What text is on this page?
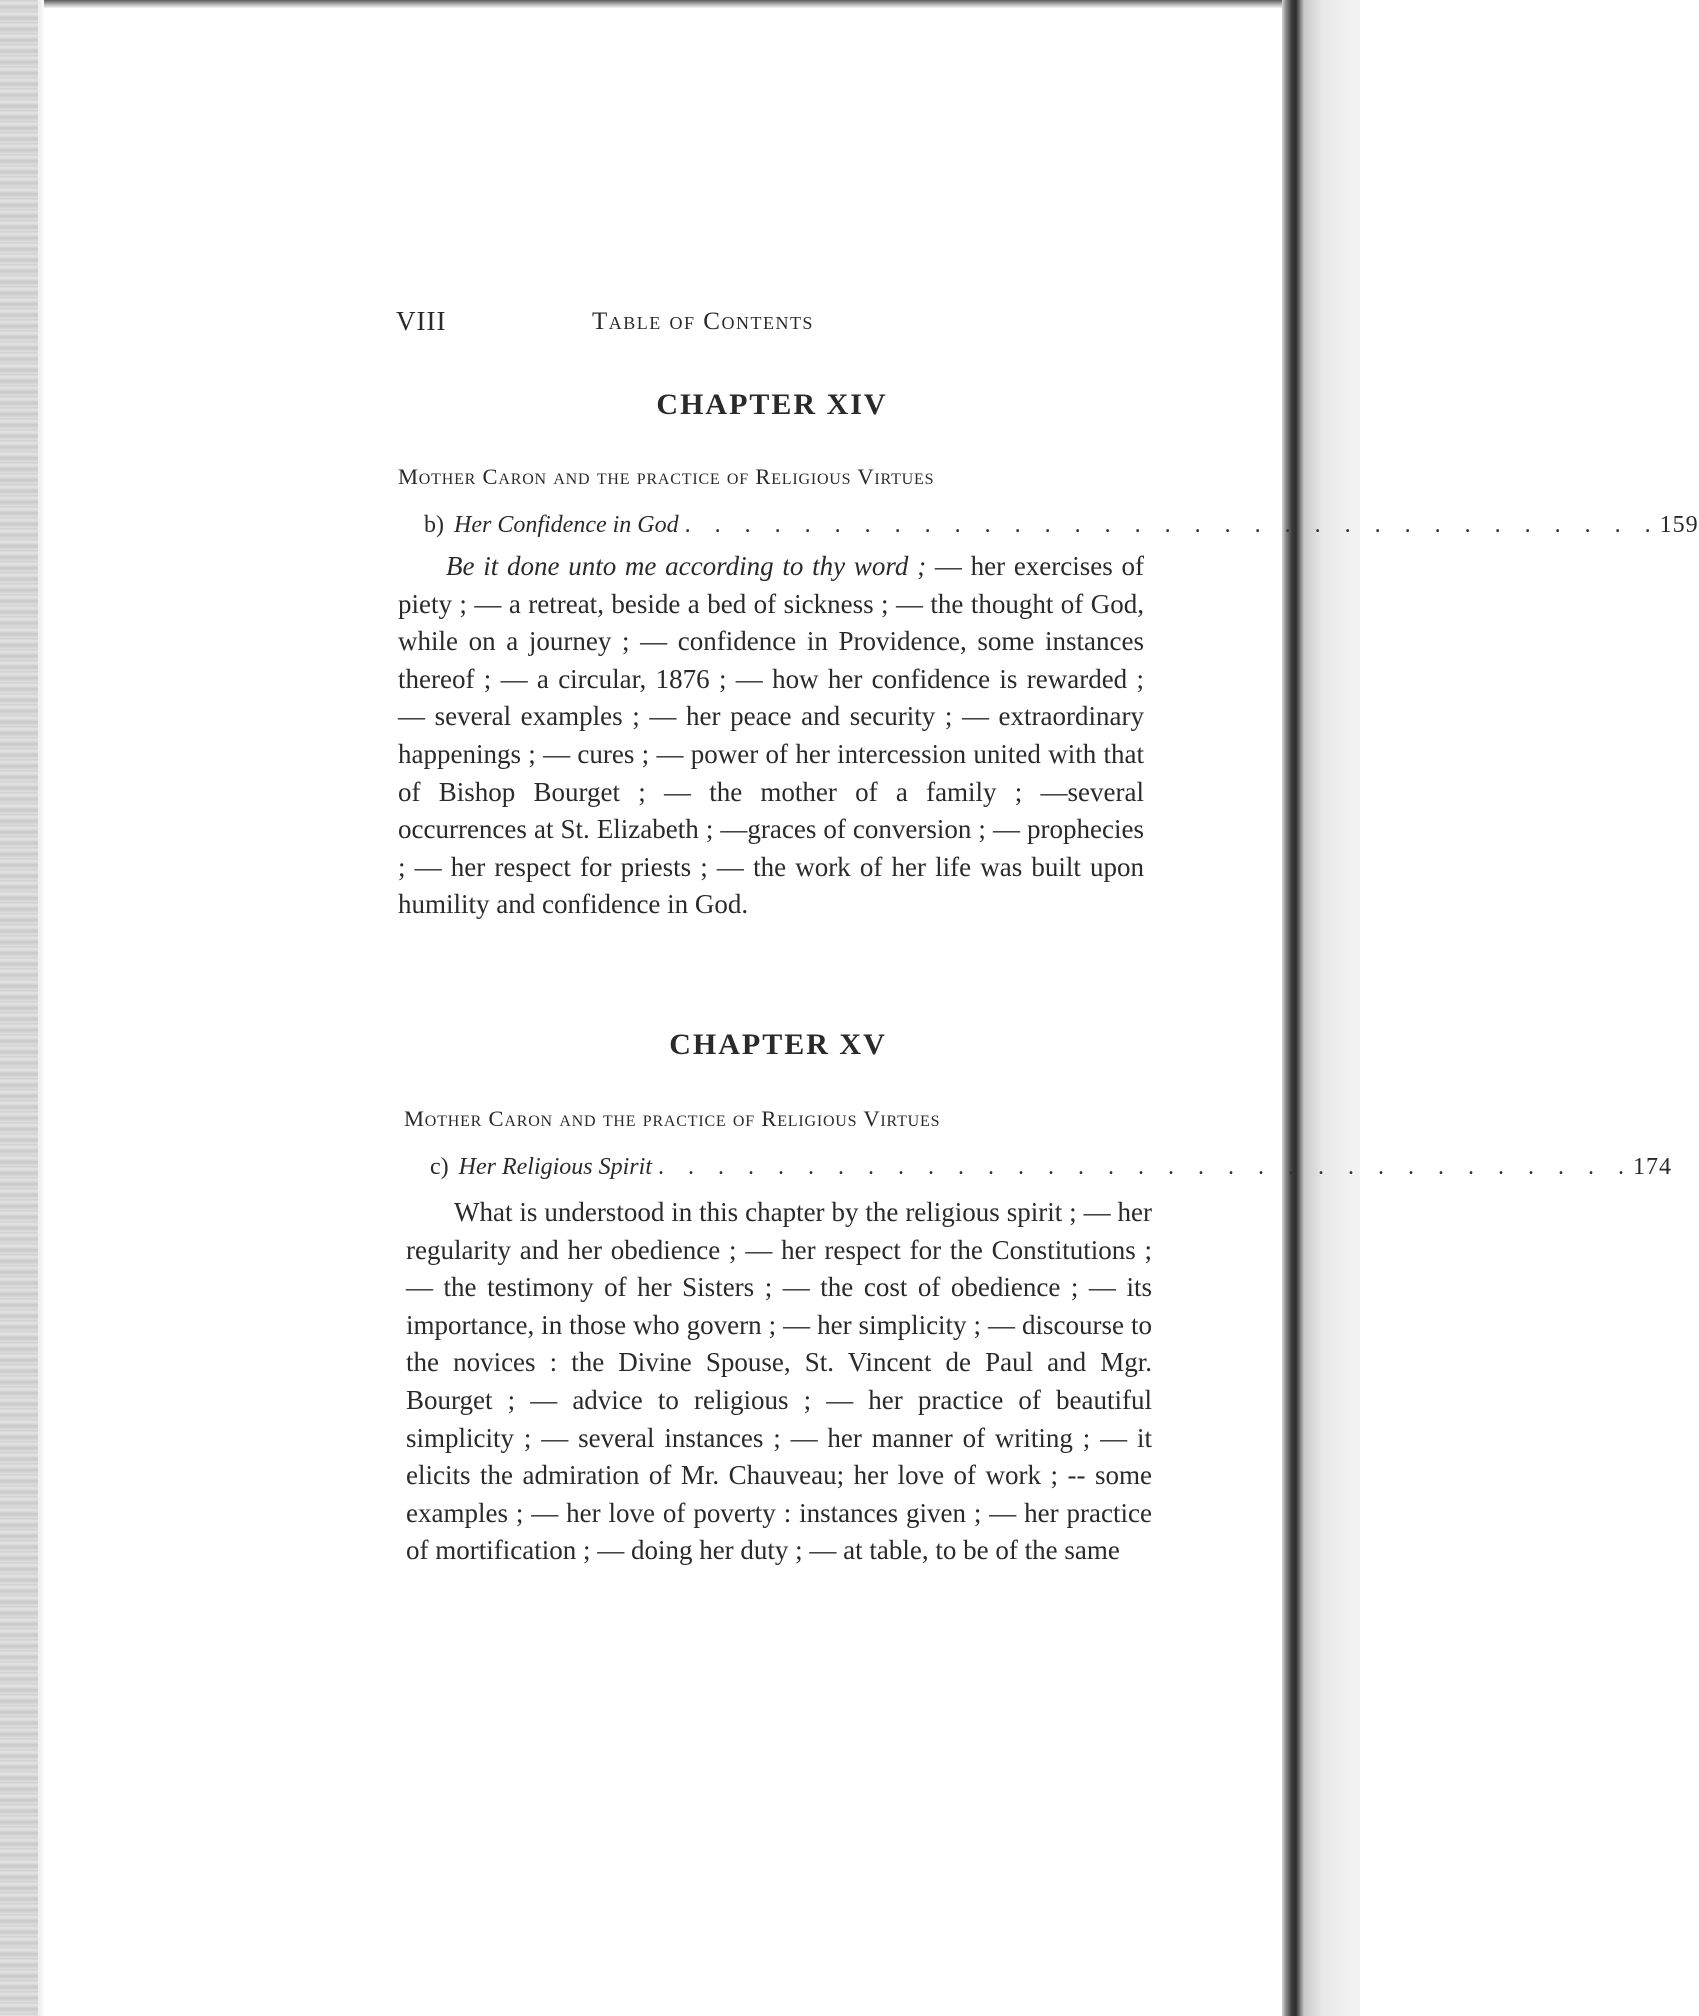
VIII	Table of Contents
CHAPTER XIV

Mother Caron and the practice of Religious Virtues

b) Her Confidence in God . . . . . . . . . . . . . . . . . . . . . . . . . . . . . . . . . 159

Be it done unto me according to thy word ; — her exercises of piety ; — a retreat, beside a bed of sickness ; — the thought of God, while on a journey ; — confidence in Providence, some instances thereof ; — a circular, 1876 ; — how her confidence is rewarded ; — several examples ; — her peace and security ; — extraordinary happenings ; — cures ; — power of her intercession united with that of Bishop Bourget ; — the mother of a family ; —several occurrences at St. Elizabeth ; —graces of conversion ; — prophecies ; — her respect for priests ; — the work of her life was built upon humility and confidence in God.

CHAPTER XV

Mother Caron and the practice of Religious Virtues

c) Her Religious Spirit . . . . . . . . . . . . . . . . . . . . . . . . . . . . . . . . . 174

What is understood in this chapter by the religious spirit ; — her regularity and her obedience ; — her respect for the Constitutions ; — the testimony of her Sisters ; — the cost of obedience ; — its importance, in those who govern ; — her simplicity ; — discourse to the novices : the Divine Spouse, St. Vincent de Paul and Mgr. Bourget ; — advice to religious ; — her practice of beautiful simplicity ; — several instances ; — her manner of writing ; — it elicits the admiration of Mr. Chauveau; her love of work ; -- some examples ; — her love of poverty : instances given ; — her practice of mortification ; — doing her duty ; — at table, to be of the same
